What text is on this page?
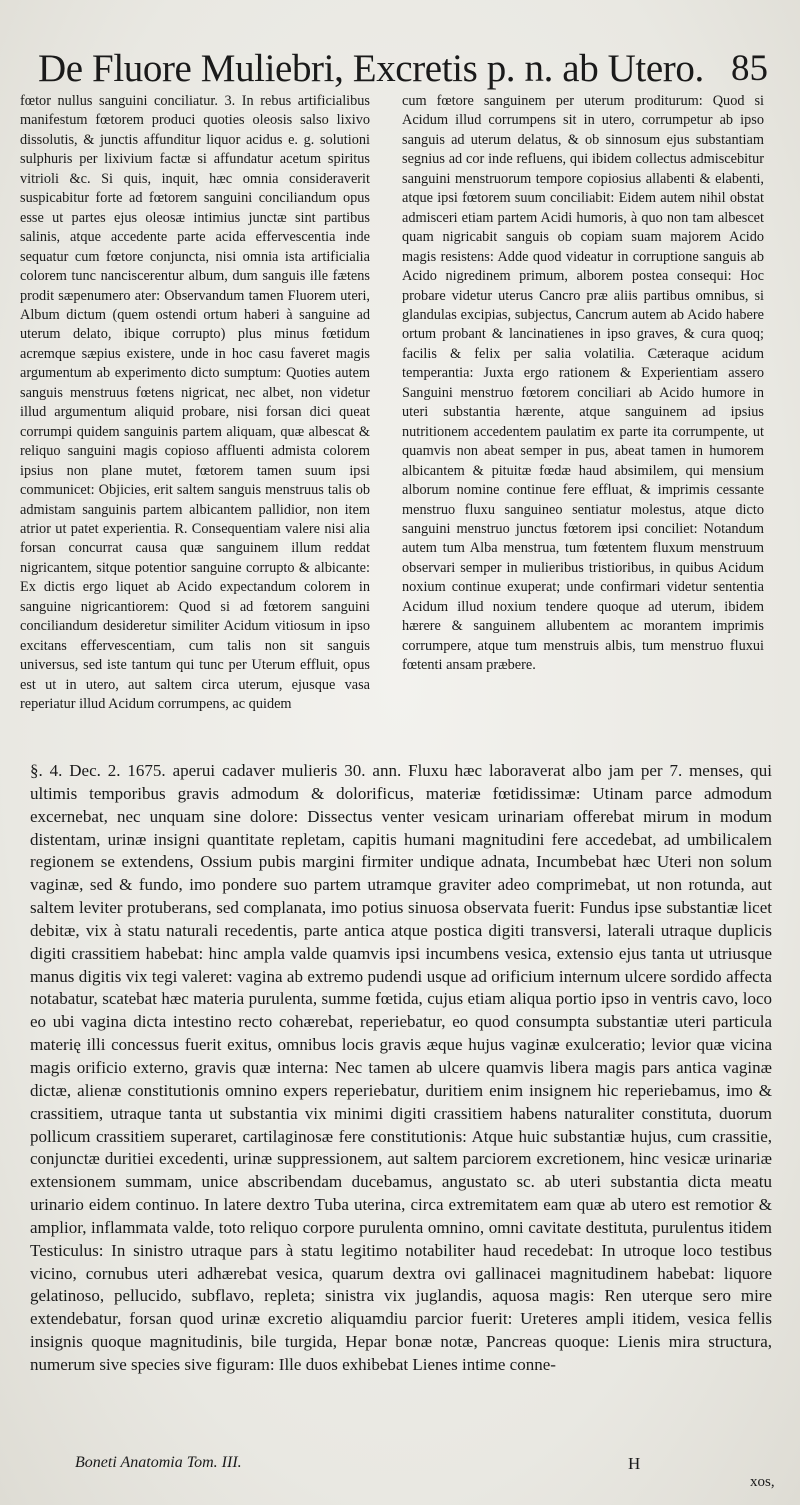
De Fluore Muliebri, Excretis p. n. ab Utero. 85

fœtor nullus sanguini conciliatur. 3. In rebus artificialibus manifestum fœtorem produci quoties oleosis salso lixivo dissolutis, & junctis affunditur liquor acidus e. g. solutioni sulphuris per lixivium factæ si affundatur acetum spiritus vitrioli &c. Si quis, inquit, hæc omnia consideraverit suspicabitur forte ad fœtorem sanguini conciliandum opus esse ut partes ejus oleosæ intimius junctæ sint partibus salinis, atque accedente parte acida effervescentia inde sequatur cum fœtore conjuncta, nisi omnia ista artificialia colorem tunc nanciscerentur album, dum sanguis ille fætens prodit sæpenumero ater: Observandum tamen Fluorem uteri, Album dictum (quem ostendi ortum haberi à sanguine ad uterum delato, ibique corrupto) plus minus fœtidum acremque sæpius existere, unde in hoc casu faveret magis argumentum ab experimento dicto sumptum: Quoties autem sanguis menstruus fœtens nigricat, nec albet, non videtur illud argumentum aliquid probare, nisi forsan dici queat corrumpi quidem sanguinis partem aliquam, quæ albescat & reliquo sanguini magis copioso affluenti admista colorem ipsius non plane mutet, fœtorem tamen suum ipsi communicet: Objicies, erit saltem sanguis menstruus talis ob admistam sanguinis partem albicantem pallidior, non item atrior ut patet experientia. R. Consequentiam valere nisi alia forsan concurrat causa quæ sanguinem illum reddat nigricantem, sitque potentior sanguine corrupto & albicante: Ex dictis ergo liquet ab Acido expectandum colorem in sanguine nigricantiorem: Quod si ad fœtorem sanguini conciliandum desideretur similiter Acidum vitiosum in ipso excitans effervescentiam, cum talis non sit sanguis universus, sed iste tantum qui tunc per Uterum effluit, opus est ut in utero, aut saltem circa uterum, ejusque vasa reperiatur illud Acidum corrumpens, ac quidem

cum fœtore sanguinem per uterum proditurum: Quod si Acidum illud corrumpens sit in utero, corrumpetur ab ipso sanguis ad uterum delatus, & ob sinnosum ejus substantiam segnius ad cor inde refluens, qui ibidem collectus admiscebitur sanguini menstruorum tempore copiosius allabenti & elabenti, atque ipsi fœtorem suum conciliabit: Eidem autem nihil obstat admisceri etiam partem Acidi humoris, à quo non tam albescet quam nigricabit sanguis ob copiam suam majorem Acido magis resistens: Adde quod videatur in corruptione sanguis ab Acido nigredinem primum, alborem postea consequi: Hoc probare videtur uterus Cancro præ aliis partibus omnibus, si glandulas excipias, subjectus, Cancrum autem ab Acido habere ortum probant & lancinatienes in ipso graves, & cura quoq; facilis & felix per salia volatilia. Cæteraque acidum temperantia: Juxta ergo rationem & Experientiam assero Sanguini menstruo fœtorem conciliari ab Acido humore in uteri substantia hærente, atque sanguinem ad ipsius nutritionem accedentem paulatim ex parte ita corrumpente, ut quamvis non abeat semper in pus, abeat tamen in humorem albicantem & pituitæ fœdæ haud absimilem, qui mensium alborum nomine continue fere effluat, & imprimis cessante menstruo fluxu sanguineo sentiatur molestus, atque dicto sanguini menstruo junctus fœtorem ipsi conciliet: Notandum autem tum Alba menstrua, tum fœtentem fluxum menstruum observari semper in mulieribus tristioribus, in quibus Acidum noxium continue exuperat; unde confirmari videtur sententia Acidum illud noxium tendere quoque ad uterum, ibidem hærere & sanguinem allubentem ac morantem imprimis corrumpere, atque tum menstruis albis, tum menstruo fluxui fœtenti ansam præbere.

§. 4. Dec. 2. 1675. aperui cadaver mulieris 30. ann. Fluxu hæc laboraverat albo jam per 7. menses, qui ultimis temporibus gravis admodum & dolorificus, materiæ fœtidissimæ: Utinam parce admodum excernebat, nec unquam sine dolore: Dissectus venter vesicam urinariam offerebat mirum in modum distentam, urinæ insigni quantitate repletam, capitis humani magnitudini fere accedebat, ad umbilicalem regionem se extendens, Ossium pubis margini firmiter undique adnata, Incumbebat hæc Uteri non solum vaginæ, sed & fundo, imo pondere suo partem utramque graviter adeo comprimebat, ut non rotunda, aut saltem leviter protuberans, sed complanata, imo potius sinuosa observata fuerit: Fundus ipse substantiæ licet debitæ, vix à statu naturali recedentis, parte antica atque postica digiti transversi, laterali utraque duplicis digiti crassitiem habebat: hinc ampla valde quamvis ipsi incumbens vesica, extensio ejus tanta ut utriusque manus digitis vix tegi valeret: vagina ab extremo pudendi usque ad orificium internum ulcere sordido affecta notabatur, scatebat hæc materia purulenta, summe fœtida, cujus etiam aliqua portio ipso in ventris cavo, loco eo ubi vagina dicta intestino recto cohærebat, reperiebatur, eo quod consumpta substantiæ uteri particula materię illi concessus fuerit exitus, omnibus locis gravis æque hujus vaginæ exulceratio; levior quæ vicina magis orificio externo, gravis quæ interna: Nec tamen ab ulcere quamvis libera magis pars antica vaginæ dictæ, alienæ constitutionis omnino expers reperiebatur, duritiem enim insignem hic reperiebamus, imo & crassitiem, utraque tanta ut substantia vix minimi digiti crassitiem habens naturaliter constituta, duorum pollicum crassitiem superaret, cartilaginosæ fere constitutionis: Atque huic substantiæ hujus, cum crassitie, conjunctæ duritiei excedenti, urinæ suppressionem, aut saltem parciorem excretionem, hinc vesicæ urinariæ extensionem summam, unice abscribendam ducebamus, angustato sc. ab uteri substantia dicta meatu urinario eidem continuo. In latere dextro Tuba uterina, circa extremitatem eam quæ ab utero est remotior & amplior, inflammata valde, toto reliquo corpore purulenta omnino, omni cavitate destituta, purulentus itidem Testiculus: In sinistro utraque pars à statu legitimo notabiliter haud recedebat: In utroque loco testibus vicino, cornubus uteri adhærebat vesica, quarum dextra ovi gallinacei magnitudinem habebat: liquore gelatinoso, pellucido, subflavo, repleta; sinistra vix juglandis, aquosa magis: Ren uterque sero mire extendebatur, forsan quod urinæ excretio aliquamdiu parcior fuerit: Ureteres ampli itidem, vesica fellis insignis quoque magnitudinis, bile turgida, Hepar bonæ notæ, Pancreas quoque: Lienis mira structura, numerum sive species sive figuram: Ille duos exhibebat Lienes intime conne-

Boneti Anatomia Tom. III.	H
xos,
